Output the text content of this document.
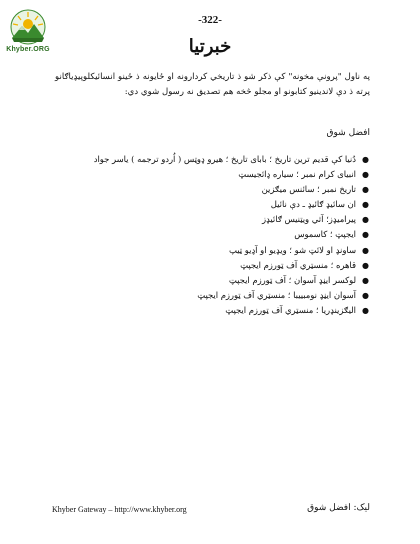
Khyber.ORG
-322-
خبرتیا
په ناول "پرونې مخونه" کې ذکر شو ذ تاریخي کردارونه او ځایونه ذ ځینو انسائیکلوپیډیاګانو پرته ذ دې لاندینیو کتابونو او مجلو څخه هم تصدیق نه رسول شوي دي:
افضل شوق
●
دُنیا کې قدیم ترین تاریخ ؛ بابای تاریخ ؛ هیرو ډوټس ( اُردو ترجمه ) یاسر جواد
●
انبیای کرام نمبر ؛ سیاره ډائجیسټ
●
تاریخ نمبر ؛ سائنس میګزین
●
ان سائیډ ګائیډ ـ دې نائیل
●
پیرامیډز؛ آثي ویټنیس ګائیډز
●
ایجپټ ؛ کاسموس
●
ساونډ او لائټ شو ؛ ویډیو او آډیو ټیپ
●
قاهره ؛ منسټري آف ټورزم ایجپټ
●
لوکسر ایڼډ آسوان ؛ آف ټورزم ایجپټ
●
آسوان ایڼډ نومبییبا ؛ منسټري آف ټورزم ایجپټ
●
الیګزینډریا ؛ منسټري آف ټورزم ایجپټ
Khyber Gateway – http://www.khyber.org	لیک: افضل شوق
